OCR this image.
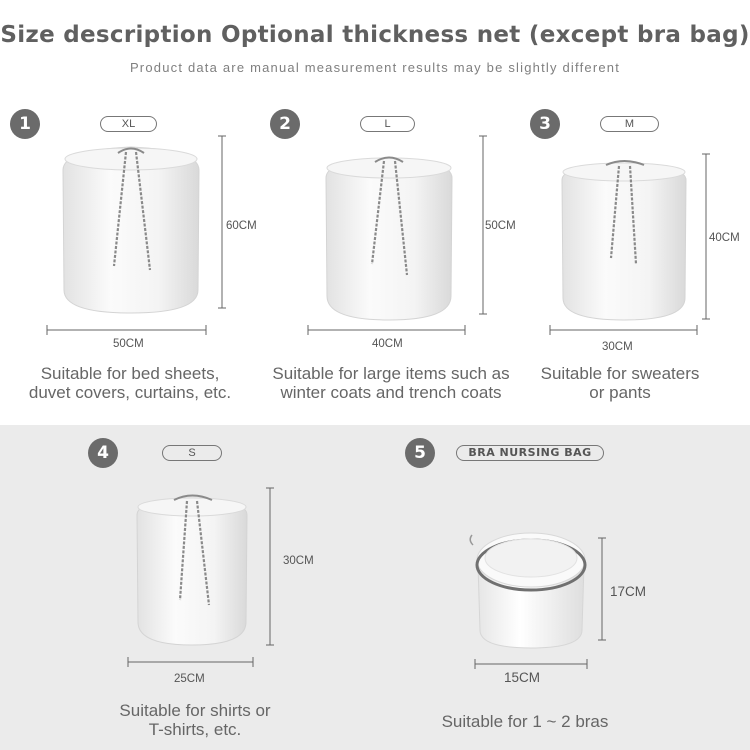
Size description Optional thickness net (except bra bag)
Product data are manual measurement results may be slightly different
1	XL
60CM
50CM
Suitable for bed sheets, duvet covers, curtains, etc.
2	L
50CM
40CM
Suitable for large items such as winter coats and trench coats
3	M
40CM
30CM
Suitable for sweaters or pants
4	S
30CM
25CM
Suitable for shirts or T-shirts, etc.
5	BRA NURSING BAG
17CM
15CM
Suitable for 1 ~ 2 bras
